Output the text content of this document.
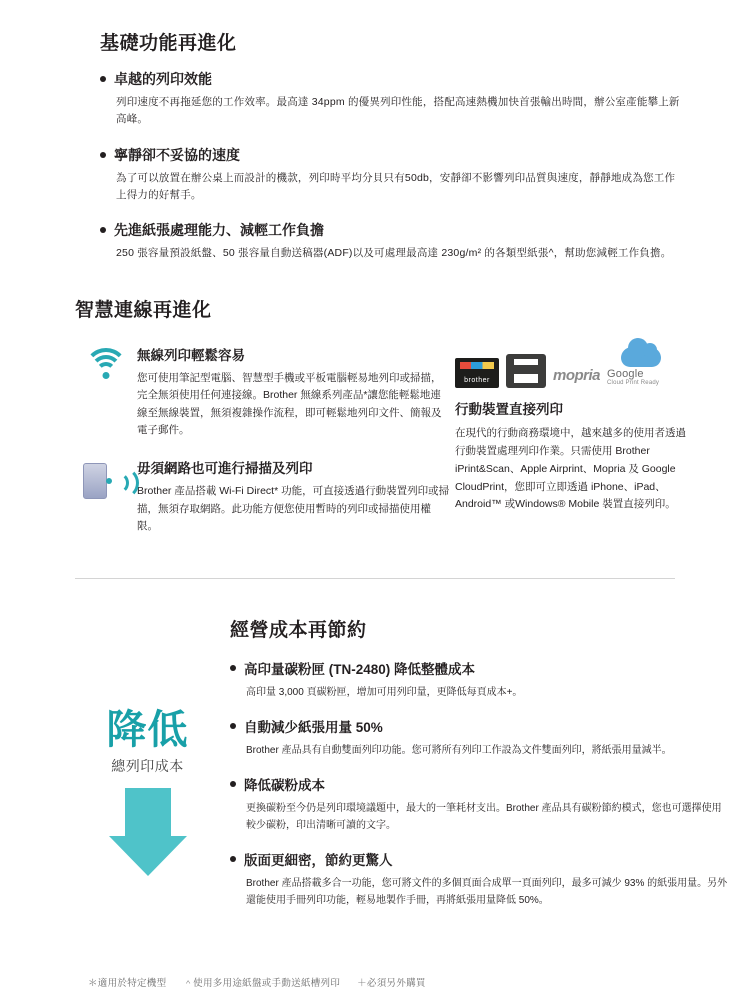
基礎功能再進化
卓越的列印效能

列印速度不再拖延您的工作效率。最高達 34ppm 的優異列印性能，搭配高速熱機加快首張輸出時間，辦公室產能攀上新高峰。

寧靜卻不妥協的速度

為了可以放置在辦公桌上而設計的機款，列印時平均分貝只有50db，安靜卻不影響列印品質與速度，靜靜地成為您工作上得力的好幫手。

先進紙張處理能力、減輕工作負擔

250 張容量預設紙盤、50 張容量自動送稿器(ADF)以及可處理最高達 230g/m² 的各類型紙張^，幫助您減輕工作負擔。

智慧連線再進化
無線列印輕鬆容易

您可使用筆記型電腦、智慧型手機或平板電腦輕易地列印或掃描，完全無須使用任何連接線。Brother 無線系列產品*讓您能輕鬆地連線至無線裝置，無須複雜操作流程，即可輕鬆地列印文件、簡報及電子郵件。

毋須網路也可進行掃描及列印

Brother 產品搭載 Wi-Fi Direct* 功能，可直接透過行動裝置列印或掃描，無須存取網路。此功能方便您使用暫時的列印或掃描使用權限。

brother	mopria Google
Cloud Print Ready
行動裝置直接列印

在現代的行動商務環境中，越來越多的使用者透過行動裝置處理列印作業。只需使用 Brother iPrint&Scan、Apple Airprint、Mopria 及 Google CloudPrint，您即可立即透過 iPhone、iPad、Android™ 或Windows® Mobile 裝置直接列印。

降低
總列印成本
經營成本再節約
高印量碳粉匣 (TN-2480) 降低整體成本

高印量 3,000 頁碳粉匣，增加可用列印量，更降低每頁成本+。

自動減少紙張用量 50%

Brother 產品具有自動雙面列印功能。您可將所有列印工作設為文件雙面列印，將紙張用量減半。

降低碳粉成本

更換碳粉至今仍是列印環境議題中，最大的一筆耗材支出。Brother 產品具有碳粉節約模式，您也可選擇使用較少碳粉，印出清晰可讀的文字。

版面更細密，節約更驚人

Brother 產品搭載多合一功能，您可將文件的多個頁面合成單一頁面列印，最多可減少 93% 的紙張用量。另外還能使用手冊列印功能，輕易地製作手冊，再將紙張用量降低 50%。

＊適用於特定機型 ＾使用多用途紙盤或手動送紙槽列印 ＋必須另外購買
